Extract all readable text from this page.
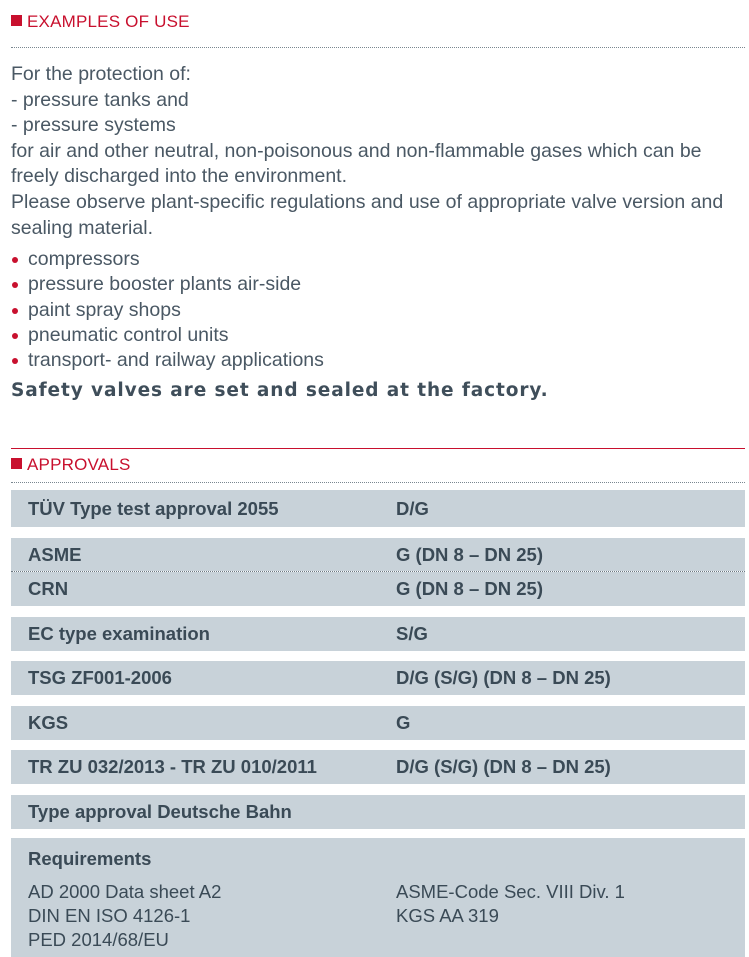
EXAMPLES OF USE

For the protection of:

- pressure tanks and

- pressure systems

for air and other neutral, non-poisonous and non-flammable gases which can be freely discharged into the environment.

Please observe plant-specific regulations and use of appropriate valve version and sealing material.

compressors
pressure booster plants air-side
paint spray shops
pneumatic control units
transport- and railway applications
Safety valves are set and sealed at the factory.
APPROVALS
TÜV Type test approval 2055	D/G
ASME	G (DN 8 – DN 25)
CRN	G (DN 8 – DN 25)
EC type examination	S/G
TSG ZF001-2006	D/G (S/G) (DN 8 – DN 25)
KGS	G
TR ZU 032/2013 - TR ZU 010/2011	D/G (S/G) (DN 8 – DN 25)
Type approval Deutsche Bahn
Requirements
AD 2000 Data sheet A2
DIN EN ISO 4126-1
PED 2014/68/EU
ASME-Code Sec. VIII Div. 1
KGS AA 319
